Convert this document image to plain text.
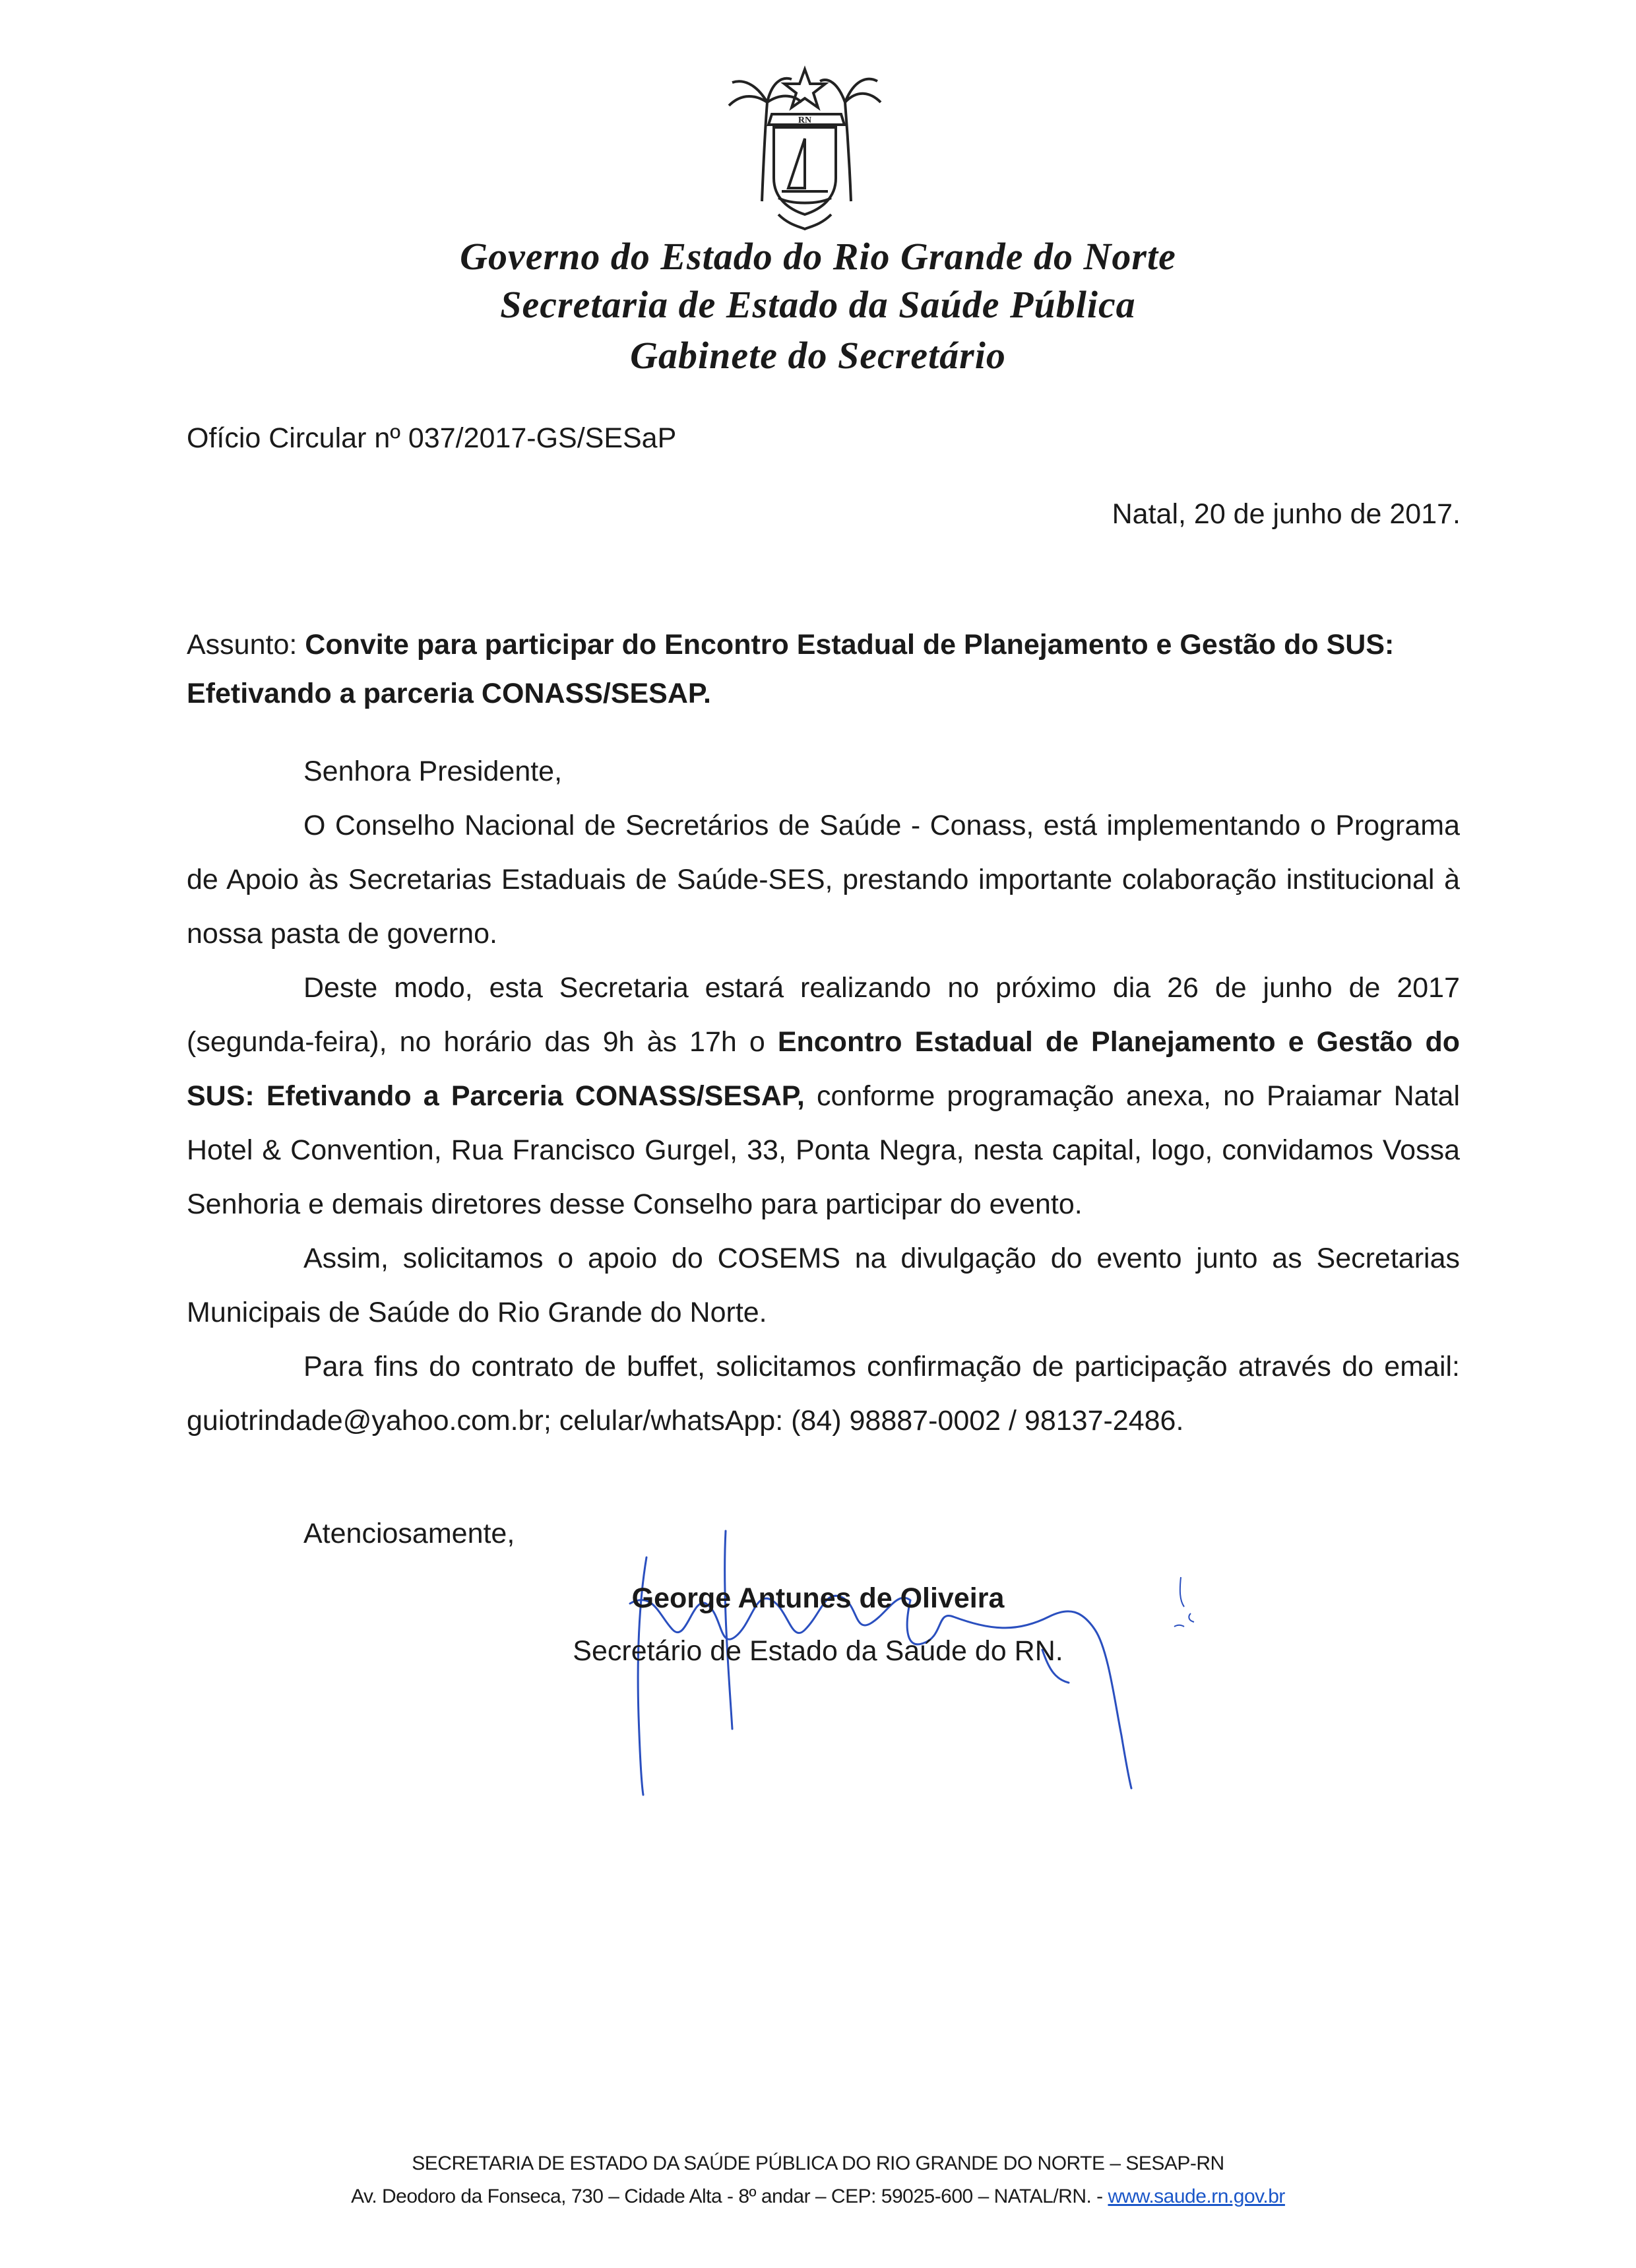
RN
Governo do Estado do Rio Grande do Norte
Secretaria de Estado da Saúde Pública
Gabinete do Secretário
Ofício Circular nº 037/2017-GS/SESaP
Natal, 20 de junho de 2017.
Assunto: Convite para participar do Encontro Estadual de Planejamento e Gestão do SUS: Efetivando a parceria CONASS/SESAP.
Senhora Presidente,

O Conselho Nacional de Secretários de Saúde - Conass, está implementando o Programa de Apoio às Secretarias Estaduais de Saúde-SES, prestando importante colaboração institucional à nossa pasta de governo.

Deste modo, esta Secretaria estará realizando no próximo dia 26 de junho de 2017 (segunda-feira), no horário das 9h às 17h o Encontro Estadual de Planejamento e Gestão do SUS: Efetivando a Parceria CONASS/SESAP, conforme programação anexa, no Praiamar Natal Hotel & Convention, Rua Francisco Gurgel, 33, Ponta Negra, nesta capital, logo, convidamos Vossa Senhoria e demais diretores desse Conselho para participar do evento.

Assim, solicitamos o apoio do COSEMS na divulgação do evento junto as Secretarias Municipais de Saúde do Rio Grande do Norte.

Para fins do contrato de buffet, solicitamos confirmação de participação através do email: guiotrindade@yahoo.com.br; celular/whatsApp: (84) 98887-0002 / 98137-2486.

Atenciosamente,
George Antunes de Oliveira
Secretário de Estado da Saúde do RN.
SECRETARIA DE ESTADO DA SAÚDE PÚBLICA DO RIO GRANDE DO NORTE – SESAP-RN
Av. Deodoro da Fonseca, 730 – Cidade Alta - 8º andar – CEP: 59025-600 – NATAL/RN. - www.saude.rn.gov.br
